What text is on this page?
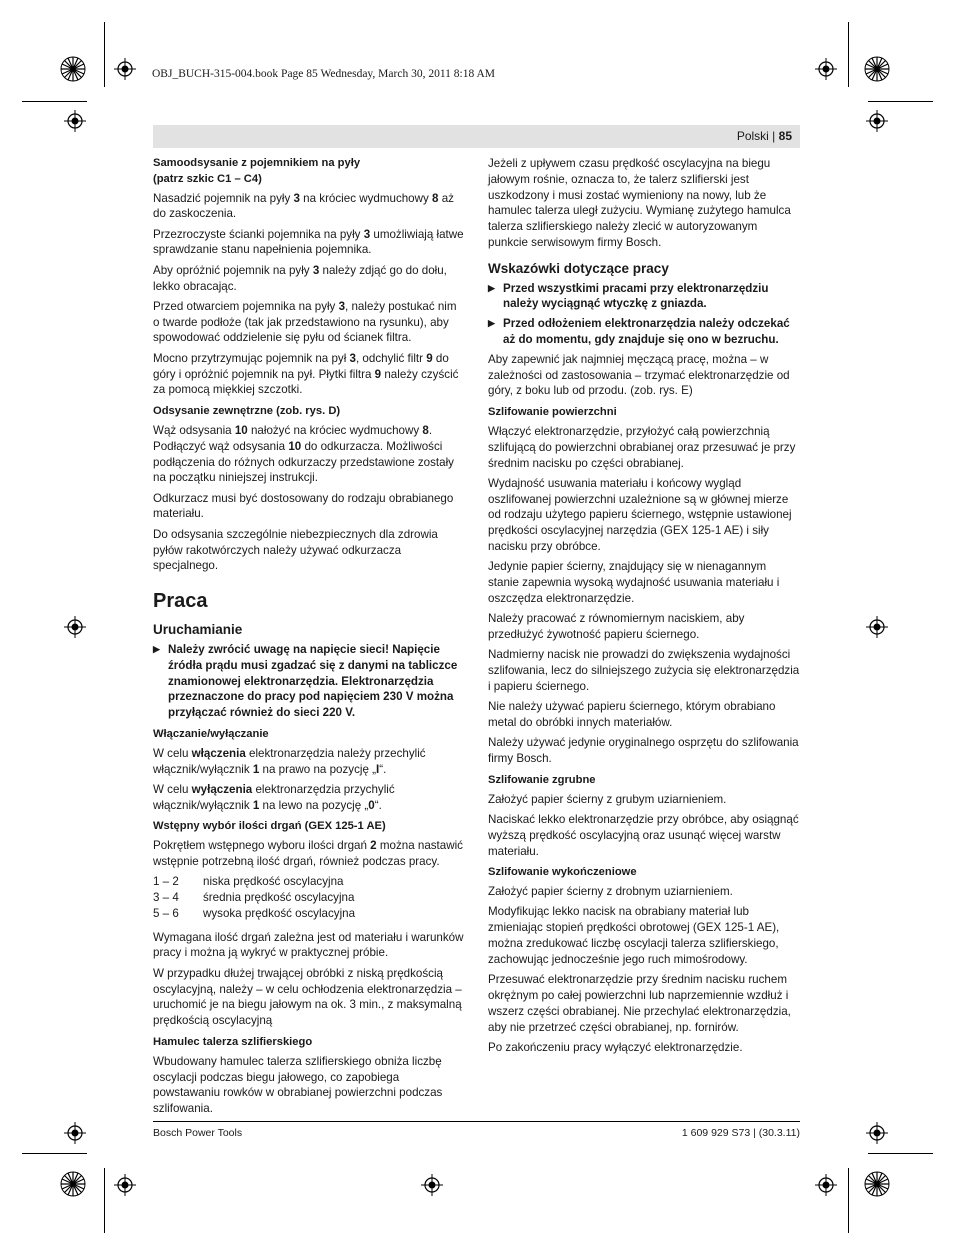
OBJ_BUCH-315-004.book Page 85 Wednesday, March 30, 2011 8:18 AM
Polski | 85
Samoodsysanie z pojemnikiem na pyły
(patrz szkic C1 – C4)

Nasadzić pojemnik na pyły 3 na króciec wydmuchowy 8 aż do zaskoczenia.

Przezroczyste ścianki pojemnika na pyły 3 umożliwiają łatwe sprawdzanie stanu napełnienia pojemnika.

Aby opróżnić pojemnik na pyły 3 należy zdjąć go do dołu, lekko obracając.

Przed otwarciem pojemnika na pyły 3, należy postukać nim o twarde podłoże (tak jak przedstawiono na rysunku), aby spowodować oddzielenie się pyłu od ścianek filtra.

Mocno przytrzymując pojemnik na pył 3, odchylić filtr 9 do góry i opróżnić pojemnik na pył. Płytki filtra 9 należy czyścić za pomocą miękkiej szczotki.

Odsysanie zewnętrzne (zob. rys. D)

Wąż odsysania 10 nałożyć na króciec wydmuchowy 8. Podłączyć wąż odsysania 10 do odkurzacza. Możliwości podłączenia do różnych odkurzaczy przedstawione zostały na początku niniejszej instrukcji.

Odkurzacz musi być dostosowany do rodzaju obrabianego materiału.

Do odsysania szczególnie niebezpiecznych dla zdrowia pyłów rakotwórczych należy używać odkurzacza specjalnego.

Praca
Uruchamianie
▶ Należy zwrócić uwagę na napięcie sieci! Napięcie źródła prądu musi zgadzać się z danymi na tabliczce znamionowej elektronarzędzia. Elektronarzędzia przeznaczone do pracy pod napięciem 230 V można przyłączać również do sieci 220 V.
Włączanie/wyłączanie

W celu włączenia elektronarzędzia należy przechylić włącznik/wyłącznik 1 na prawo na pozycję „I“.

W celu wyłączenia elektronarzędzia przychylić włącznik/wyłącznik 1 na lewo na pozycję „0“.

Wstępny wybór ilości drgań (GEX 125-1 AE)

Pokrętłem wstępnego wyboru ilości drgań 2 można nastawić wstępnie potrzebną ilość drgań, również podczas pracy.

1 – 2	niska prędkość oscylacyjna
3 – 4	średnia prędkość oscylacyjna
5 – 6	wysoka prędkość oscylacyjna

Wymagana ilość drgań zależna jest od materiału i warunków pracy i można ją wykryć w praktycznej próbie.

W przypadku dłużej trwającej obróbki z niską prędkością oscylacyjną, należy – w celu ochłodzenia elektronarzędzia – uruchomić je na biegu jałowym na ok. 3 min., z maksymalną prędkością oscylacyjną

Hamulec talerza szlifierskiego

Wbudowany hamulec talerza szlifierskiego obniża liczbę oscylacji podczas biegu jałowego, co zapobiega powstawaniu rowków w obrabianej powierzchni podczas szlifowania.

Jeżeli z upływem czasu prędkość oscylacyjna na biegu jałowym rośnie, oznacza to, że talerz szlifierski jest uszkodzony i musi zostać wymieniony na nowy, lub że hamulec talerza uległ zużyciu. Wymianę zużytego hamulca talerza szlifierskiego należy zlecić w autoryzowanym punkcie serwisowym firmy Bosch.

Wskazówki dotyczące pracy
▶ Przed wszystkimi pracami przy elektronarzędziu należy wyciągnąć wtyczkę z gniazda.
▶ Przed odłożeniem elektronarzędzia należy odczekać aż do momentu, gdy znajduje się ono w bezruchu.

Aby zapewnić jak najmniej męczącą pracę, można – w zależności od zastosowania – trzymać elektronarzędzie od góry, z boku lub od przodu. (zob. rys. E)

Szlifowanie powierzchni

Włączyć elektronarzędzie, przyłożyć całą powierzchnią szlifującą do powierzchni obrabianej oraz przesuwać je przy średnim nacisku po części obrabianej.

Wydajność usuwania materiału i końcowy wygląd oszlifowanej powierzchni uzależnione są w głównej mierze od rodzaju użytego papieru ściernego, wstępnie ustawionej prędkości oscylacyjnej narzędzia (GEX 125-1 AE) i siły nacisku przy obróbce.

Jedynie papier ścierny, znajdujący się w nienagannym stanie zapewnia wysoką wydajność usuwania materiału i oszczędza elektronarzędzie.

Należy pracować z równomiernym naciskiem, aby przedłużyć żywotność papieru ściernego.

Nadmierny nacisk nie prowadzi do zwiększenia wydajności szlifowania, lecz do silniejszego zużycia się elektronarzędzia i papieru ściernego.

Nie należy używać papieru ściernego, którym obrabiano metal do obróbki innych materiałów.

Należy używać jedynie oryginalnego osprzętu do szlifowania firmy Bosch.

Szlifowanie zgrubne

Założyć papier ścierny z grubym uziarnieniem.

Naciskać lekko elektronarzędzie przy obróbce, aby osiągnąć wyższą prędkość oscylacyjną oraz usunąć więcej warstw materiału.

Szlifowanie wykończeniowe

Założyć papier ścierny z drobnym uziarnieniem.

Modyfikując lekko nacisk na obrabiany materiał lub zmieniając stopień prędkości obrotowej (GEX 125-1 AE), można zredukować liczbę oscylacji talerza szlifierskiego, zachowując jednocześnie jego ruch mimośrodowy.

Przesuwać elektronarzędzie przy średnim nacisku ruchem okrężnym po całej powierzchni lub naprzemiennie wzdłuż i wszerz części obrabianej. Nie przechylać elektronarzędzia, aby nie przetrzeć części obrabianej, np. fornirów.

Po zakończeniu pracy wyłączyć elektronarzędzie.

Bosch Power Tools	1 609 929 S73 | (30.3.11)
